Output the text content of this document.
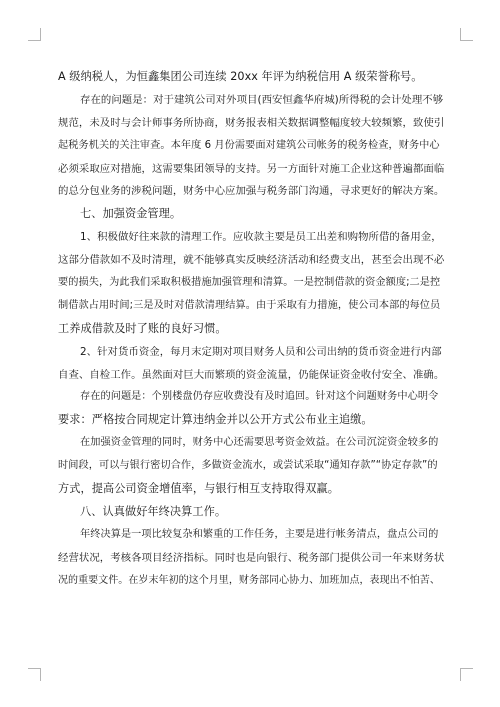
A 级纳税人，为恒鑫集团公司连续 20xx 年评为纳税信用 A 级荣誉称号。
存在的问题是：对于建筑公司对外项目(西安恒鑫华府城)所得税的会计处理不够
规范，未及时与会计师事务所协商，财务报表相关数据调整幅度较大较频繁，致使引
起税务机关的关注审查。本年度 6 月份需要面对建筑公司帐务的税务检查，财务中心
必须采取应对措施，这需要集团领导的支持。另一方面针对施工企业这种普遍都面临
的总分包业务的涉税问题，财务中心应加强与税务部门沟通，寻求更好的解决方案。
七、加强资金管理。
1、积极做好往来款的清理工作。应收款主要是员工出差和购物所借的备用金，
这部分借款如不及时清理，就不能够真实反映经济活动和经费支出，甚至会出现不必
要的损失，为此我们采取积极措施加强管理和清算。一是控制借款的资金额度;二是控
制借款占用时间;三是及时对借款清理结算。由于采取有力措施，使公司本部的每位员
工养成借款及时了账的良好习惯。
2、针对货币资金，每月末定期对项目财务人员和公司出纳的货币资金进行内部
自查、自检工作。虽然面对巨大而繁琐的资金流量，仍能保证资金收付安全、准确。
存在的问题是：个别楼盘仍存应收费没有及时追回。针对这个问题财务中心明令
要求：严格按合同规定计算违纳金并以公开方式公布业主追缴。
在加强资金管理的同时，财务中心还需要思考资金效益。在公司沉淀资金较多的
时间段，可以与银行密切合作，多做资金流水，或尝试采取“通知存款”“协定存款”的
方式，提高公司资金增值率，与银行相互支持取得双赢。
八、认真做好年终决算工作。
年终决算是一项比较复杂和繁重的工作任务，主要是进行帐务清点，盘点公司的
经营状况，考核各项目经济指标。同时也是向银行、税务部门提供公司一年来财务状
况的重要文件。在岁末年初的这个月里，财务部同心协力、加班加点，表现出不怕苦、
